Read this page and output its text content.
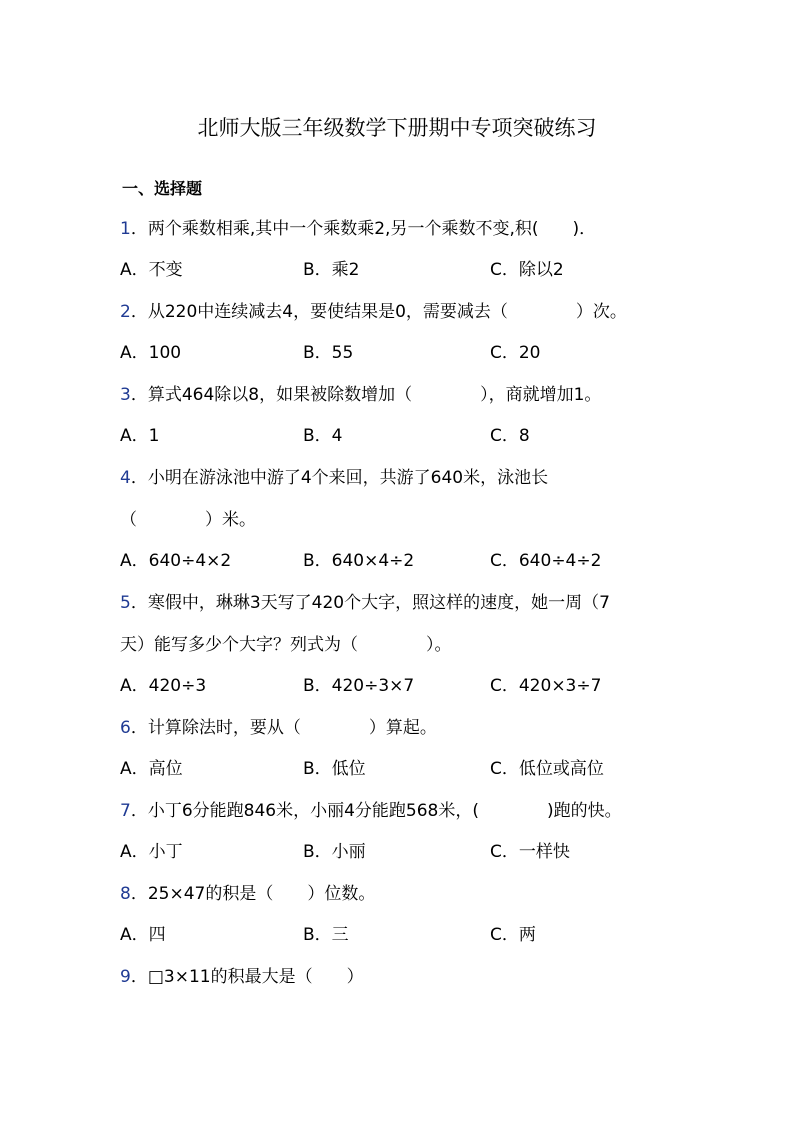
北师大版三年级数学下册期中专项突破练习
一、选择题
1．两个乘数相乘,其中一个乘数乘2,另一个乘数不变,积(　　)．
A．不变	B．乘2	C．除以2
2．从220中连续减去4，要使结果是0，需要减去（　　　　）次。
A．100	B．55	C．20
3．算式464除以8，如果被除数增加（　　　　），商就增加1。
A．1	B．4	C．8
4．小明在游泳池中游了4个来回，共游了640米，泳池长
（　　　　）米。
A．640÷4×2	B．640×4÷2	C．640÷4÷2
5．寒假中，琳琳3天写了420个大字，照这样的速度，她一周（7
天）能写多少个大字？列式为（　　　　）。
A．420÷3	B．420÷3×7	C．420×3÷7
6．计算除法时，要从（　　　　）算起。
A．高位	B．低位	C．低位或高位
7．小丁6分能跑846米，小丽4分能跑568米，(　　　　)跑的快。
A．小丁	B．小丽	C．一样快
8．25×47的积是（　　）位数。
A．四	B．三	C．两
9．□3×11的积最大是（　　）
